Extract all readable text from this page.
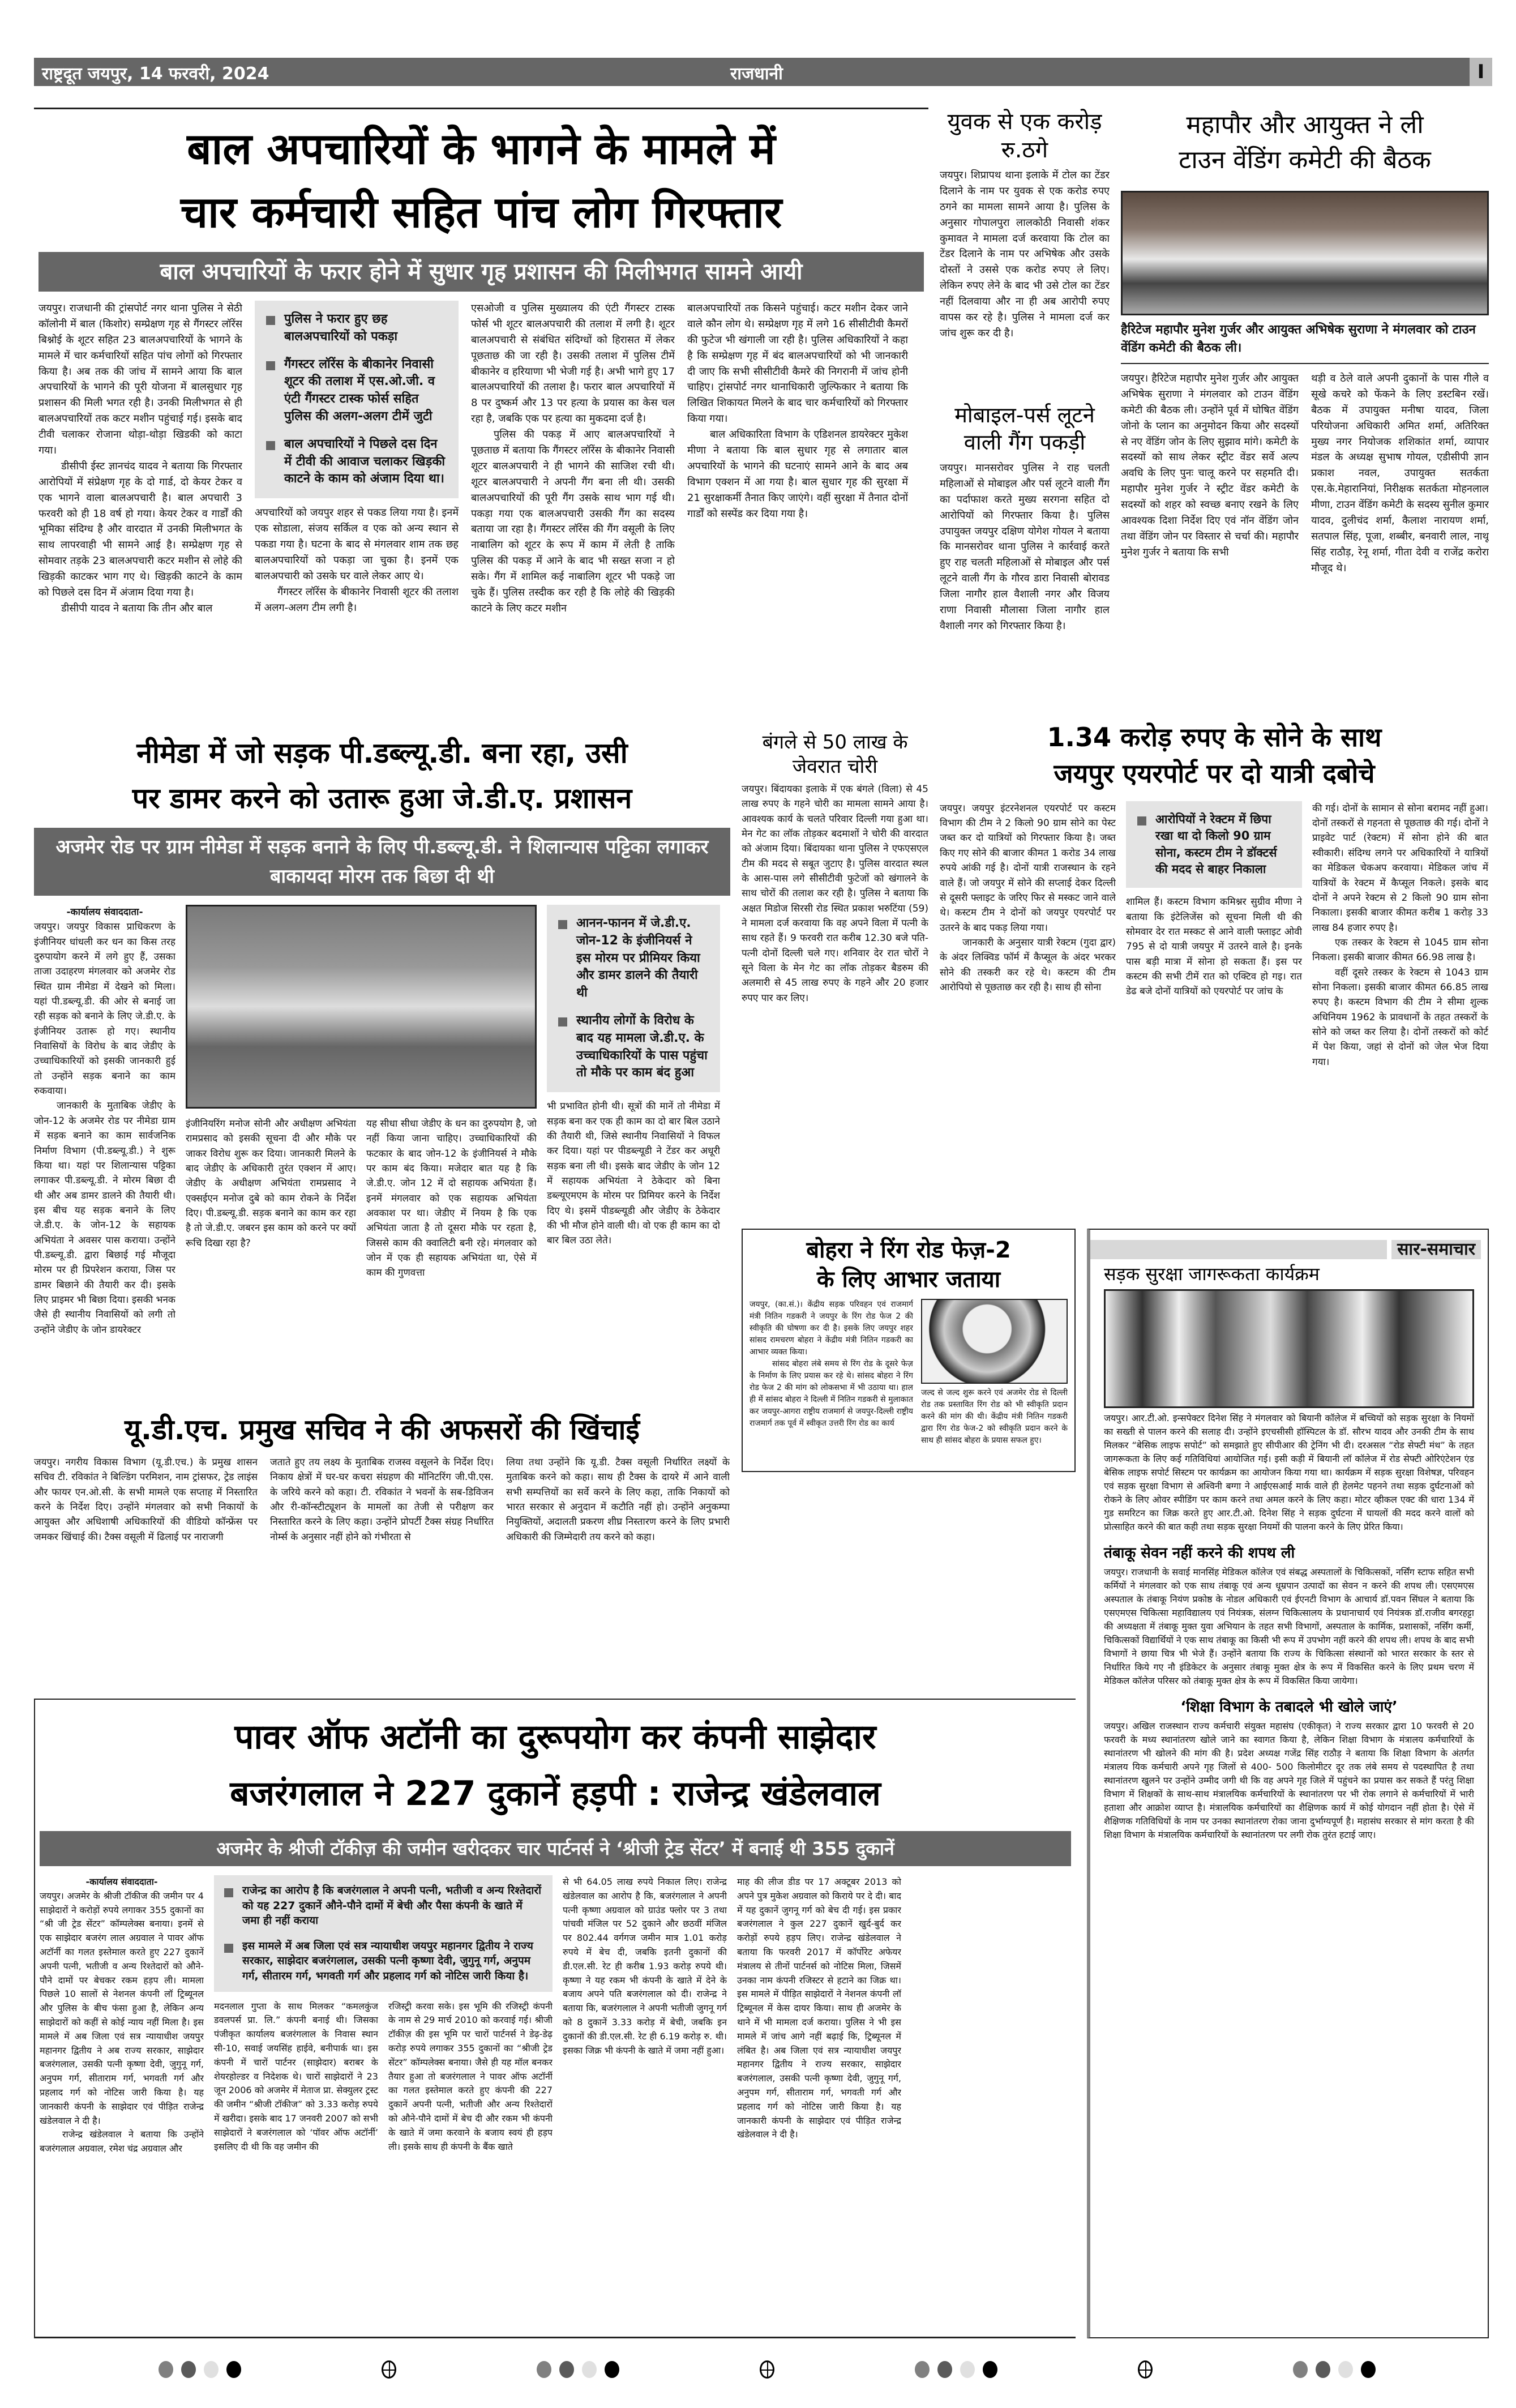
राष्ट्रदूत जयपुर, 14 फरवरी, 2024	राजधानी	I
बाल अपचारियों के भागने के मामले में
चार कर्मचारी सहित पांच लोग गिरफ्तार
बाल अपचारियों के फरार होने में सुधार गृह प्रशासन की मिलीभगत सामने आयी

जयपुर। राजधानी की ट्रांसपोर्ट नगर थाना पुलिस ने सेठी कॉलोनी में बाल (किशोर) सम्प्रेक्षण गृह से गैंगस्टर लॉरेंस बिश्नोई के शूटर सहित 23 बालअपचारियों के भागने के मामले में चार कर्मचारियों सहित पांच लोगों को गिरफ्तार किया है। अब तक की जांच में सामने आया कि बाल अपचारियों के भागने की पूरी योजना में बालसुधार गृह प्रशासन की मिली भगत रही है। उनकी मिलीभगत से ही बालअपचारियों तक कटर मशीन पहुंचाई गई। इसके बाद टीवी चलाकर रोजाना थोड़ा-थोड़ा खिडकी को काटा गया।

डीसीपी ईस्ट ज्ञानचंद यादव ने बताया कि गिरफ्तार आरोपियों में संप्रेक्षण गृह के दो गार्ड, दो केयर टेकर व एक भागने वाला बालअपचारी है। बाल अपचारी 3 फरवरी को ही 18 वर्ष हो गया। केयर टेकर व गार्डों की भूमिका संदिग्ध है और वारदात में उनकी मिलीभगत के साथ लापरवाही भी सामने आई है। सम्प्रेक्षण गृह से सोमवार तड़के 23 बालअपचारी कटर मशीन से लोहे की खिड़की काटकर भाग गए थे। खिड़की काटने के काम को पिछले दस दिन में अंजाम दिया गया है।

डीसीपी यादव ने बताया कि तीन और बाल

पुलिस ने फरार हुए छह बालअपचारियों को पकड़ा
गैंगस्टर लॉरेंस के बीकानेर निवासी शूटर की तलाश में एस.ओ.जी. व एंटी गैंगस्टर टास्क फोर्स सहित पुलिस की अलग-अलग टीमें जुटी
बाल अपचारियों ने पिछले दस दिन में टीवी की आवाज चलाकर खिड़की काटने के काम को अंजाम दिया था।

अपचारियों को जयपुर शहर से पकड लिया गया है। इनमें एक सोडाला, संजय सर्किल व एक को अन्य स्थान से पकडा गया है। घटना के बाद से मंगलवार शाम तक छह बालअपचारियों को पकड़ा जा चुका है। इनमें एक बालअपचारी को उसके घर वाले लेकर आए थे।

गैंगस्टर लॉरेंस के बीकानेर निवासी शूटर की तलाश में अलग-अलग टीम लगी है।

एसओजी व पुलिस मुख्यालय की एंटी गैंगस्टर टास्क फोर्स भी शूटर बालअपचारी की तलाश में लगी है। शूटर बालअपचारी से संबंधित संदिग्धों को हिरासत में लेकर पूछताछ की जा रही है। उसकी तलाश में पुलिस टीमें बीकानेर व हरियाणा भी भेजी गई है। अभी भागे हुए 17 बालअपचारियों की तलाश है। फरार बाल अपचारियों में 8 पर दुष्कर्म और 13 पर हत्या के प्रयास का केस चल रहा है, जबकि एक पर हत्या का मुकदमा दर्ज है।

पुलिस की पकड़ में आए बालअपचारियों ने पूछताछ में बताया कि गैंगस्टर लॉरेंस के बीकानेर निवासी शूटर बालअपचारी ने ही भागने की साजिश रची थी। शूटर बालअपचारी ने अपनी गैंग बना ली थी। उसकी बालअपचारियों की पूरी गैंग उसके साथ भाग गई थी। पकड़ा गया एक बालअपचारी उसकी गैंग का सदस्य बताया जा रहा है। गैंगस्टर लॉरेंस की गैंग वसूली के लिए नाबालिग को शूटर के रूप में काम में लेती है ताकि पुलिस की पकड़ में आने के बाद भी सख्त सजा न हो सके। गैंग में शामिल कई नाबालिग शूटर भी पकड़े जा चुके हैं। पुलिस तस्दीक कर रही है कि लोहे की खिड़की काटने के लिए कटर मशीन

बालअपचारियों तक किसने पहुंचाई। कटर मशीन देकर जाने वाले कौन लोग थे। सम्प्रेक्षण गृह में लगे 16 सीसीटीवी कैमरों की फुटेज भी खंगाली जा रही है। पुलिस अधिकारियों ने कहा है कि सम्प्रेक्षण गृह में बंद बालअपचारियों को भी जानकारी दी जाए कि सभी सीसीटीवी कैमरे की निगरानी में जांच होनी चाहिए। ट्रांसपोर्ट नगर थानाधिकारी जुल्फिकार ने बताया कि लिखित शिकायत मिलने के बाद चार कर्मचारियों को गिरफ्तार किया गया।

बाल अधिकारिता विभाग के एडिशनल डायरेक्टर मुकेश मीणा ने बताया कि बाल सुधार गृह से लगातार बाल अपचारियों के भागने की घटनाएं सामने आने के बाद अब विभाग एक्शन में आ गया है। बाल सुधार गृह की सुरक्षा में 21 सुरक्षाकर्मी तैनात किए जाएंगे। वहीं सुरक्षा में तैनात दोनों गार्डों को सस्पेंड कर दिया गया है।

युवक से एक करोड़ रु.ठगे
जयपुर। शिप्रापथ थाना इलाके में टोल का टेंडर दिलाने के नाम पर युवक से एक करोड रुपए ठगने का मामला सामने आया है। पुलिस के अनुसार गोपालपुरा लालकोठी निवासी शंकर कुमावत ने मामला दर्ज करवाया कि टोल का टेंडर दिलाने के नाम पर अभिषेक और उसके दोस्तों ने उससे एक करोड रुपए ले लिए। लेकिन रुपए लेने के बाद भी उसे टोल का टेंडर नहीं दिलवाया और ना ही अब आरोपी रुपए वापस कर रहे है। पुलिस ने मामला दर्ज कर जांच शुरू कर दी है।
मोबाइल-पर्स लूटने वाली गैंग पकड़ी
जयपुर। मानसरोवर पुलिस ने राह चलती महिलाओं से मोबाइल और पर्स लूटने वाली गैंग का पर्दाफाश करते मुख्य सरगना सहित दो आरोपियों को गिरफ्तार किया है। पुलिस उपायुक्त जयपुर दक्षिण योगेश गोयल ने बताया कि मानसरोवर थाना पुलिस ने कार्रवाई करते हुए राह चलती महिलाओं से मोबाइल और पर्स लूटने वाली गैंग के गौरव डारा निवासी बोरावड जिला नागौर हाल वैशाली नगर और विजय राणा निवासी मौलासा जिला नागौर हाल वैशाली नगर को गिरफ्तार किया है।
महापौर और आयुक्त ने ली
टाउन वेंडिंग कमेटी की बैठक
हैरिटेज महापौर मुनेश गुर्जर और आयुक्त अभिषेक सुराणा ने मंगलवार को टाउन वेंडिंग कमेटी की बैठक ली।
जयपुर। हैरिटेज महापौर मुनेश गुर्जर और आयुक्त अभिषेक सुराणा ने मंगलवार को टाउन वेंडिंग कमेटी की बैठक ली। उन्होंने पूर्व में घोषित वेंडिंग जोनो के प्लान का अनुमोदन किया और सदस्यों से नए वेंडिंग जोन के लिए सुझाव मांगे। कमेटी के सदस्यों को साथ लेकर स्ट्रीट वेंडर सर्वे अल्प अवधि के लिए पुनः चालू करने पर सहमति दी। महापौर मुनेश गुर्जर ने स्ट्रीट वेंडर कमेटी के सदस्यों को शहर को स्वच्छ बनाए रखने के लिए आवश्यक दिशा निर्देश दिए एवं नॉन वेंडिंग जोन तथा वेंडिंग जोन पर विस्तार से चर्चा की। महापौर मुनेश गुर्जर ने बताया कि सभी
थड़ी व ठेले वाले अपनी दुकानों के पास गीले व सूखे कचरे को फेंकने के लिए डस्टबिन रखें। बैठक में उपायुक्त मनीषा यादव, जिला परियोजना अधिकारी अमित शर्मा, अतिरिक्त मुख्य नगर नियोजक शशिकांत शर्मा, व्यापार मंडल के अध्यक्ष सुभाष गोयल, एडीसीपी ज्ञान प्रकाश नवल, उपायुक्त सतर्कता एस.के.मेहारानियां, निरीक्षक सतर्कता मोहनलाल मीणा, टाउन वेंडिंग कमेटी के सदस्य सुनील कुमार यादव, दुलीचंद शर्मा, कैलाश नारायण शर्मा, सतपाल सिंह, पूजा, शब्बीर, बनवारी लाल, नाथू सिंह राठौड़, रेनू शर्मा, गीता देवी व राजेंद्र करोरा मौजूद थे।
नीमेडा में जो सड़क पी.डब्ल्यू.डी. बना रहा, उसी
पर डामर करने को उतारू हुआ जे.डी.ए. प्रशासन
अजमेर रोड पर ग्राम नीमेडा में सड़क बनाने के लिए पी.डब्ल्यू.डी. ने शिलान्यास पट्टिका लगाकर बाकायदा मोरम तक बिछा दी थी

-कार्यालय संवाददाता-

जयपुर। जयपुर विकास प्राधिकरण के इंजीनियर धांधली कर धन का किस तरह दुरुपायोग करने में लगे हुए हैं, उसका ताजा उदाहरण मंगलवार को अजमेर रोड स्थित ग्राम नीमेडा में देखने को मिला। यहां पी.डब्ल्यू.डी. की ओर से बनाई जा रही सड़क को बनाने के लिए जे.डी.ए. के इंजीनियर उतारू हो गए। स्थानीय निवासियों के विरोध के बाद जेडीए के उच्चाधिकारियों को इसकी जानकारी हुई तो उन्होंने सड़क बनाने का काम रुकवाया।

जानकारी के मुताबिक जेडीए के जोन-12 के अजमेर रोड पर नीमेडा ग्राम में सड़क बनाने का काम सार्वजनिक निर्माण विभाग (पी.डब्ल्यू.डी.) ने शुरू किया था। यहां पर शिलान्यास पट्टिका लगाकर पी.डब्ल्यू.डी. ने मोरम बिछा दी थी और अब डामर डालने की तैयारी थी। इस बीच यह सड़क बनाने के लिए जे.डी.ए. के जोन-12 के सहायक अभियंता ने अवसर पास कराया। उन्होंने पी.डब्ल्यू.डी. द्वारा बिछाई गई मौजूदा मोरम पर ही प्रिपरेशन कराया, जिस पर डामर बिछाने की तैयारी कर दी। इसके लिए प्राइमर भी बिछा दिया। इसकी भनक जैसे ही स्थानीय निवासियों को लगी तो उन्होंने जेडीए के जोन डायरेक्टर

इंजीनियरिंग मनोज सोनी और अधीक्षण अभियंता रामप्रसाद को इसकी सूचना दी और मौके पर जाकर विरोध शुरू कर दिया। जानकारी मिलने के बाद जेडीए के अधिकारी तुरंत एक्शन में आए। जेडीए के अधीक्षण अभियंता रामप्रसाद ने एक्सईएन मनोज दुबे को काम रोकने के निर्देश दिए। पी.डब्ल्यू.डी. सड़क बनाने का काम कर रहा है तो जे.डी.ए. जबरन इस काम को करने पर क्यों रूचि दिखा रहा है?
यह सीधा सीधा जेडीए के धन का दुरुपयोग है, जो नहीं किया जाना चाहिए। उच्चाधिकारियों की फटकार के बाद जोन-12 के इंजीनियर्स ने मौके पर काम बंद किया। मजेदार बात यह है कि जे.डी.ए. जोन 12 में दो सहायक अभियंता हैं। इनमें मंगलवार को एक सहायक अभियंता अवकाश पर था। जेडीए में नियम है कि एक अभियंता जाता है तो दूसरा मौके पर रहता है, जिससे काम की क्वालिटी बनी रहे। मंगलवार को जोन में एक ही सहायक अभियंता था, ऐसे में काम की गुणवत्ता
आनन-फानन में जे.डी.ए. जोन-12 के इंजीनियर्स ने इस मोरम पर प्रीमियर किया और डामर डालने की तैयारी थी
स्थानीय लोगों के विरोध के बाद यह मामला जे.डी.ए. के उच्चाधिकारियों के पास पहुंचा तो मौके पर काम बंद हुआ
भी प्रभावित होनी थी। सूत्रों की मानें तो नीमेडा में सड़क बना कर एक ही काम का दो बार बिल उठाने की तैयारी थी, जिसे स्थानीय निवासियों ने विफल कर दिया। यहां पर पीडब्ल्यूडी ने टेंडर कर अधूरी सड़क बना ली थी। इसके बाद जेडीए के जोन 12 में सहायक अभियंता ने ठेकेदार को बिना डब्ल्यूएमएम के मोरम पर प्रिमियर करने के निर्देश दिए थे। इसमें पीडब्ल्यूडी और जेडीए के ठेकेदार की भी मौज होने वाली थी। वो एक ही काम का दो बार बिल उठा लेते।
बंगले से 50 लाख के जेवरात चोरी
जयपुर। बिंदायका इलाके में एक बंगले (विला) से 45 लाख रुपए के गहने चोरी का मामला सामने आया है। आवश्यक कार्य के चलते परिवार दिल्ली गया हुआ था। मेन गेट का लॉक तोड़कर बदमाशों ने चोरी की वारदात को अंजाम दिया। बिंदायका थाना पुलिस ने एफएसएल टीम की मदद से सबूत जुटाए है। पुलिस वारदात स्थल के आस-पास लगे सीसीटीवी फुटेजों को खंगालने के साथ चोरों की तलाश कर रही है। पुलिस ने बताया कि अक्षत मिडोज सिरसी रोड स्थित प्रकाश भरुटिंया (59) ने मामला दर्ज करवाया कि वह अपने विला में पत्नी के साथ रहते हैं। 9 फरवरी रात करीब 12.30 बजे पति-पत्नी दोनों दिल्ली चले गए। शनिवार देर रात चोरों ने सूने विला के मेन गेट का लॉक तोड़कर बैडरुम की अलमारी से 45 लाख रुपए के गहने और 20 हजार रुपए पार कर लिए।
1.34 करोड़ रुपए के सोने के साथ
जयपुर एयरपोर्ट पर दो यात्री दबोचे

जयपुर। जयपुर इंटरनेशनल एयरपोर्ट पर कस्टम विभाग की टीम ने 2 किलो 90 ग्राम सोने का पेस्ट जब्त कर दो यात्रियों को गिरफ्तार किया है। जब्त किए गए सोने की बाजार कीमत 1 करोड 34 लाख रुपये आंकी गई है। दोनों यात्री राजस्थान के रहने वाले हैं। जो जयपुर में सोने की सप्लाई देकर दिल्ली से दूसरी फ्लाइट के जरिए फिर से मस्कट जाने वाले थे। कस्टम टीम ने दोनों को जयपुर एयरपोर्ट पर उतरने के बाद पकड़ लिया गया।

जानकारी के अनुसार यात्री रेक्टम (गुदा द्वार) के अंदर लिक्विड फॉर्म में कैप्सूल के अंदर भरकर सोने की तस्करी कर रहे थे। कस्टम की टीम आरोपियो से पूछताछ कर रही है। साथ ही सोना

आरोपियों ने रेक्टम में छिपा रखा था दो किलो 90 ग्राम सोना, कस्टम टीम ने डॉक्टर्स की मदद से बाहर निकाला
शामिल हैं। कस्टम विभाग कमिश्नर सुग्रीव मीणा ने बताया कि इंटेलिजेंस को सूचना मिली थी की सोमवार देर रात मस्कट से आने वाली फ्लाइट ओवी 795 से दो यात्री जयपुर में उतरने वाले है। इनके पास बड़ी मात्रा में सोना हो सकता हैं। इस पर कस्टम की सभी टीमें रात को एक्टिव हो गइ। रात डेढ बजे दोनों यात्रियों को एयरपोर्ट पर जांच के

की गई। दोनों के सामान से सोना बरामद नहीं हुआ। दोनों तस्करों से गहनता से पूछताछ की गई। दोनों ने प्राइवेट पार्ट (रेक्टम) में सोना होने की बात स्वीकारी। संदिग्ध लगने पर अधिकारियों ने यात्रियों का मेडिकल चेकअप करवाया। मेडिकल जांच में यात्रियों के रेक्टम में कैप्सूल निकले। इसके बाद दोनों ने अपने रेक्टम से 2 किलो 90 ग्राम सोना निकाला। इसकी बाजार कीमत करीब 1 करोड़ 33 लाख 84 हजार रुपए है।

एक तस्कर के रेक्टम से 1045 ग्राम सोना निकला। इसकी बाजार कीमत 66.98 लाख है।

वहीं दूसरे तस्कर के रेक्टम से 1043 ग्राम सोना निकला। इसकी बाजार कीमत 66.85 लाख रुपए है। कस्टम विभाग की टीम ने सीमा शुल्क अधिनियम 1962 के प्रावधानों के तहत तस्करों के सोने को जब्त कर लिया है। दोनों तस्करों को कोर्ट में पेश किया, जहां से दोनों को जेल भेज दिया गया।

बोहरा ने रिंग रोड फेज़-2
के लिए आभार जताया

जयपुर, (का.सं.)। केंद्रीय सड़क परिवहन एवं राजमार्ग मंत्री नितिन गडकरी ने जयपुर के रिंग रोड फेज 2 की स्वीकृति की घोषणा कर दी है। इसके लिए जयपुर शहर सांसद रामचरण बोहरा ने केंद्रीय मंत्री नितिन गडकरी का आभार व्यक्त किया।

सांसद बोहरा लंबे समय से रिंग रोड के दूसरे फेज़ के निर्माण के लिए प्रयास कर रहे थे। सांसद बोहरा ने रिंग रोड फेज 2 की मांग को लोकसभा में भी उठाया था। हाल ही में सांसद बोहरा ने दिल्ली में नितिन गडकरी से मुलाकात कर जयपुर-आगरा राष्ट्रीय राजमार्ग से जयपुर-दिल्ली राष्ट्रीय राजमार्ग तक पूर्व में स्वीकृत उत्तरी रिंग रोड का कार्य

जल्द से जल्द शुरू करने एवं अजमेर रोड से दिल्ली रोड तक प्रस्तावित रिंग रोड को भी स्वीकृति प्रदान करने की मांग की थी। केंद्रीय मंत्री नितिन गडकरी द्वारा रिंग रोड फेज-2 को स्वीकृति प्रदान करने के साथ ही सांसद बोहरा के प्रयास सफल हुए।
यू.डी.एच. प्रमुख सचिव ने की अफसरों की खिंचाई
जयपुर। नगरीय विकास विभाग (यू.डी.एच.) के प्रमुख शासन सचिव टी. रविकांत ने बिल्डिंग परमिशन, नाम ट्रांसफर, ट्रेड लाइंस और फायर एन.ओ.सी. के सभी मामले एक सप्ताह में निस्तारित करने के निर्देश दिए। उन्होंने मंगलवार को सभी निकायों के आयुक्त और अधिशाषी अधिकारियों की वीडियो कॉन्फ्रेंस पर जमकर खिंचाई की। टैक्स वसूली में ढिलाई पर नाराजगी
जताते हुए तय लक्ष्य के मुताबिक राजस्व वसूलने के निर्देश दिए। निकाय क्षेत्रों में घर-घर कचरा संग्रहण की मॉनिटरिंग जी.पी.एस. के जरिये करने को कहा। टी. रविकांत ने भवनों के सब-डिविजन और री-कॉन्स्टीट्यूशन के मामलों का तेजी से परीक्षण कर निस्तारित करने के लिए कहा। उन्होंने प्रोपर्टी टैक्स संग्रह निर्धारित नोर्म्स के अनुसार नहीं होने को गंभीरता से
लिया तथा उन्होंने कि यू.डी. टैक्स वसूली निर्धारित लक्ष्यों के मुताबिक करने को कहा। साथ ही टैक्स के दायरे में आने वाली सभी सम्पत्तियों का सर्वे करने के लिए कहा, ताकि निकायों को भारत सरकार से अनुदान में कटौति नहीं हो। उन्होंने अनुकम्पा नियुक्तियों, अदालती प्रकरण शीघ्र निस्तारण करने के लिए प्रभारी अधिकारी की जिम्मेदारी तय करने को कहा।
सार-समाचार
सड़क सुरक्षा जागरूकता कार्यक्रम
जयपुर। आर.टी.ओ. इन्सपेक्टर दिनेश सिंह ने मंगलवार को बियानी कॉलेज में बच्चियों को सड़क सुरक्षा के नियमों का सख्ती से पालन करने की सलाह दी। उन्होंने इएचसीसी हॉस्पिटल के डॉ. सौरभ यादव और उनकी टीम के साथ मिलकर “बेसिक लाइफ सपोर्ट” को समझाते हुए सीपीआर की ट्रेनिंग भी दी। दरअसल “रोड सेफ्टी मंथ” के तहत जागरूकता के लिए कई गतिविधियां आयोजित गई। इसी कड़ी में बियानी लॉ कॉलेज में रोड सेफ्टी ओरिएंटेशन एंड बेसिक लाइफ सपोर्ट सिस्टम पर कार्यक्रम का आयोजन किया गया था। कार्यक्रम में सड़क सुरक्षा विशेषज्ञ, परिवहन एवं सड़क सुरक्षा विभाग से अश्विनी बग्गा ने आईएसआई मार्क वाले ही हेलमेट पहनने तथा सड़क दुर्घटनाओं को रोकने के लिए ओवर स्पीडिंग पर काम करने तथा अमल करने के लिए कहा। मोटर व्हीकल एक्ट की धारा 134 में गुड समरिटन का जिक्र करते हुए आर.टी.ओ. दिनेश सिंह ने सड़क दुर्घटना में घायलों की मदद करने वालों को प्रोत्साहित करने की बात कही तथा सड़क सुरक्षा नियमों की पालना करने के लिए प्रेरित किया।
तंबाकू सेवन नहीं करने की शपथ ली
जयपुर। राजधानी के सवाई मानसिंह मेडिकल कॉलेज एवं संबद्ध अस्पतालों के चिकित्सकों, नर्सिंग स्टाफ सहित सभी कर्मियों ने मंगलवार को एक साथ तंबाकू एवं अन्य धूम्रपान उत्पादों का सेवन न करने की शपथ ली। एसएमएस अस्पताल के तंबाकू नियंण प्रकोष्ठ के नोडल अधिकारी एवं ईएनटी विभाग के आचार्य डॉ.पवन सिंघल ने बताया कि एसएमएस चिकित्सा महाविद्यालय एवं नियंत्रक, संलग्न चिकित्सालय के प्रधानाचार्य एवं नियंत्रक डॉ.राजीव बगरहट्टा की अध्यक्षता में तंबाकू मुक्त युवा अभियान के तहत सभी विभागों, अस्पताल के कार्मिक, प्रशासकों, नर्सिंग कर्मी, चिकित्सकों विद्यार्थियों ने एक साथ तंबाकू का किसी भी रूप में उपभोग नहीं करने की शपथ ली। शपथ के बाद सभी विभागों ने छाया चित्र भी भेजे हैं। उन्होंने बताया कि राज्य के चिकित्सा संस्थानों को भारत सरकार के स्तर से निर्धारित किये गए नौ इंडिकेटर के अनुसार तंबाकू मुक्त क्षेत्र के रूप में विकसित करने के लिए प्रथम चरण में मेडिकल कॉलेज परिसर को तंबाकू मुक्त क्षेत्र के रूप में विकसित किया जायेगा।
‘शिक्षा विभाग के तबादले भी खोले जाएं’
जयपुर। अखिल राजस्थान राज्य कर्मचारी संयुक्त महासंघ (एकीकृत) ने राज्य सरकार द्वारा 10 फरवरी से 20 फरवरी के मध्य स्थानांतरण खोले जाने का स्वागत किया है, लेकिन शिक्षा विभाग के मंत्रालय कर्मचारियों के स्थानांतरण भी खोलने की मांग की है। प्रदेश अध्यक्ष गजेंद्र सिंह राठौड़ ने बताया कि शिक्षा विभाग के अंतर्गत मंत्रालय यिक कर्मचारी अपने गृह जिलों से 400- 500 किलोमीटर दूर तक लंबे समय से पदस्थापित है तथा स्थानांतरण खुलने पर उन्होंने उम्मीद जगी थी कि वह अपने गृह जिले में पहुंचने का प्रयास कर सकते हैं परंतु शिक्षा विभाग में शिक्षकों के साथ-साथ मंत्रालयिक कर्मचारियों के स्थानांतरण पर भी रोक लगाने से कर्मचारियों में भारी हताशा और आक्रोश व्याप्त है। मंत्रालयिक कर्मचारियों का शैक्षिणक कार्य में कोई योगदान नहीं होता है। ऐसे में शैक्षिणक गतिविधियों के नाम पर उनका स्थानांतरण रोका जाना दुर्भाग्यपूर्ण है। महासंघ सरकार से मांग करता है की शिक्षा विभाग के मंत्रालयिक कर्मचारियों के स्थानांतरण पर लगी रोक तुरंत हटाई जाए।
पावर ऑफ अटॉनी का दुरूपयोग कर कंपनी साझेदार
बजरंगलाल ने 227 दुकानें हड़पी : राजेन्द्र खंडेलवाल
अजमेर के श्रीजी टॉकीज़ की जमीन खरीदकर चार पार्टनर्स ने ‘श्रीजी ट्रेड सेंटर’ में बनाई थी 355 दुकानें

-कार्यालय संवाददाता-

जयपुर। अजमेर के श्रीजी टॉकीज की जमीन पर 4 साझेदारों ने करोड़ों रुपये लगाकर 355 दुकानों का “श्री जी ट्रेड सेंटर” कॉम्पलेक्स बनाया। इनमें से एक साझेदार बजरंग लाल अग्रवाल ने पावर ऑफ अटॉर्नी का गलत इस्तेमाल करते हुए 227 दुकानें अपनी पत्नी, भतीजी व अन्य रिश्तेदारों को औने-पौने दामों पर बेचकर रकम हड़प ली। मामला पिछले 10 सालों से नेशनल कंपनी लॉ ट्रिब्यूनल और पुलिस के बीच फंसा हुआ है, लेकिन अन्य साझेदारों को कहीं से कोई न्याय नहीं मिला है। इस मामले में अब जिला एवं सत्र न्यायाधीश जयपुर महानगर द्वितीय ने अब राज्य सरकार, साझेदार बजरंगलाल, उसकी पत्नी कृष्णा देवी, जुगुनू गर्ग, अनुपम गर्ग, सीताराम गर्ग, भगवती गर्ग और प्रहलाद गर्ग को नोटिस जारी किया है। यह जानकारी कंपनी के साझेदार एवं पीड़ित राजेन्द्र खंडेलवाल ने दी है।

राजेन्द्र खंडेलवाल ने बताया कि उन्होंने बजरंगलाल अग्रवाल, रमेश चंद्र अग्रवाल और

राजेन्द्र का आरोप है कि बजरंगलाल ने अपनी पत्नी, भतीजी व अन्य रिश्तेदारों को यह 227 दुकानें औने-पौने दामों में बेची और पैसा कंपनी के खाते में जमा ही नहीं कराया
इस मामले में अब जिला एवं सत्र न्यायाधीश जयपुर महानगर द्वितीय ने राज्य सरकार, साझेदार बजरंगलाल, उसकी पत्नी कृष्णा देवी, जुगुनू गर्ग, अनुपम गर्ग, सीतारम गर्ग, भगवती गर्ग और प्रहलाद गर्ग को नोटिस जारी किया है।
मदनलाल गुप्ता के साथ मिलकर “कमलकुंज डवलपर्स प्रा. लि.” कंपनी बनाई थी। जिसका पंजीकृत कार्यालय बजरंगलाल के निवास स्थान सी-10, सवाई जयसिंह हाईवे, बनीपार्क था। इस कंपनी में चारों पार्टनर (साझेदार) बराबर के शेयरहोल्डर व निदेशक थे। चारों साझेदारों ने 23 जून 2006 को अजमेर में मेताज प्रा. सेक्युलर ट्रस्ट की जमीन “श्रीजी टॉकीज” को 3.33 करोड़ रुपये में खरीदा। इसके बाद 17 जनवरी 2007 को सभी साझेदारों ने बजरंगलाल को ‘पॉवर ऑफ अटॉर्नी’ इसलिए दी थी कि वह जमीन की
रजिस्ट्री करवा सके। इस भूमि की रजिस्ट्री कंपनी के नाम से 29 मार्च 2010 को करवाई गई। श्रीजी टॉकीज़ की इस भूमि पर चारों पार्टनर्स ने डेढ़-डेढ़ करोड़ रुपये लगाकर 355 दुकानों का “श्रीजी ट्रेड सेंटर” कॉम्पलेक्स बनाया। जैसे ही यह मॉल बनकर तैयार हुआ तो बजरंगलाल ने पावर ऑफ अटॉर्नी का गलत इस्तेमाल करते हुए कंपनी की 227 दुकानें अपनी पत्नी, भतीजी और अन्य रिश्तेदारों को औने-पौने दामों में बेच दी और रकम भी कंपनी के खाते में जमा करवाने के बजाय स्वयं ही हड़प ली। इसके साथ ही कंपनी के बैंक खाते
से भी 64.05 लाख रुपये निकाल लिए। राजेन्द्र खंडेलवाल का आरोप है कि, बजरंगलाल ने अपनी पत्नी कृष्णा अग्रवाल को ग्राउंड फ्लोर पर 3 तथा पांचवी मंजिल पर 52 दुकाने और छठवीं मंजिल पर 802.44 वर्गगज जमीन मात्र 1.01 करोड़ रुपये में बेच दी, जबकि इतनी दुकानों की डी.एल.सी. रेट ही करीब 1.93 करोड़ रुपये थी। कृष्णा ने यह रकम भी कंपनी के खाते में देने के बजाय अपने पति बजरंगलाल को दी। राजेन्द्र ने बताया कि, बजरंगलाल ने अपनी भतीजी जुगनू गर्ग को 8 दुकानें 3.33 करोड़ में बेची, जबकि इन दुकानों की डी.एल.सी. रेट ही 6.19 करोड़ रु. थी। इसका जिक्र भी कंपनी के खाते में जमा नहीं हुआ।
माह की लीज डीड पर 17 अक्टूबर 2013 को अपने पुत्र मुकेश अग्रवाल को किराये पर दे दी। बाद में यह दुकानें जुगनू गर्ग को बेच दी गई। इस प्रकार बजरंगलाल ने कुल 227 दुकानें खुर्द-बुर्द कर करोड़ों रुपये हड़प लिए। राजेन्द्र खंडेलवाल ने बताया कि फरवरी 2017 में कॉर्पोरेट अफेयर मंत्रालय से तीनों पार्टनर्स को नोटिस मिला, जिसमें उनका नाम कंपनी रजिस्टर से हटाने का जिक्र था। इस मामले में पीड़ित साझेदारों ने नेशनल कंपनी लॉ ट्रिब्यूनल में केस दायर किया। साथ ही अजमेर के थाने में भी मामला दर्ज कराया। पुलिस ने भी इस मामले में जांच आगे नहीं बढ़ाई कि, ट्रिब्यूनल में लंबित है। अब जिला एवं सत्र न्यायाधीश जयपुर महानगर द्वितीय ने राज्य सरकार, साझेदार बजरंगलाल, उसकी पत्नी कृष्णा देवी, जुगुनू गर्ग, अनुपम गर्ग, सीताराम गर्ग, भगवती गर्ग और प्रहलाद गर्ग को नोटिस जारी किया है। यह जानकारी कंपनी के साझेदार एवं पीड़ित राजेन्द्र खंडेलवाल ने दी है।
